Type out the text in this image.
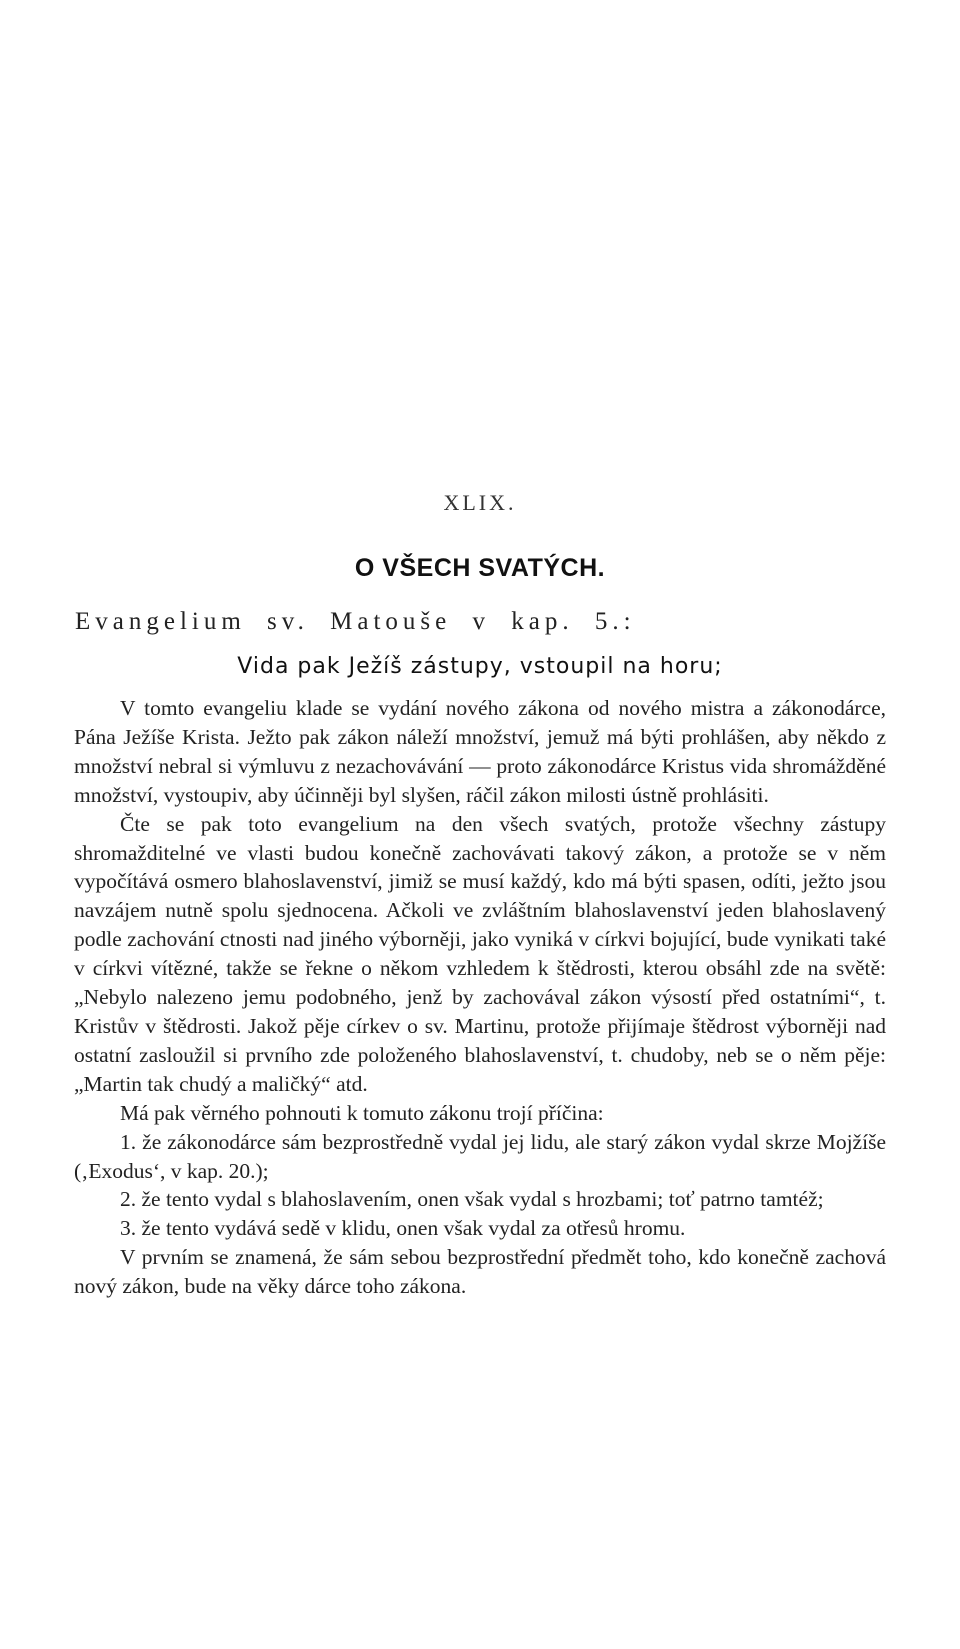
XLIX.
O VŠECH SVATÝCH.
Evangelium sv. Matouše v kap. 5.:
Vida pak Ježíš zástupy, vstoupil na horu;

V tomto evangeliu klade se vydání nového zákona od nového mistra a zákonodárce, Pána Ježíše Krista. Ježto pak zákon náleží množství, jemuž má býti prohlášen, aby někdo z množství nebral si výmluvu z nezachovávání — proto zákonodárce Kristus vida shromážděné množství, vystoupiv, aby účinněji byl slyšen, ráčil zákon milosti ústně prohlásiti.

Čte se pak toto evangelium na den všech svatých, protože všechny zástupy shromažditelné ve vlasti budou konečně zachovávati takový zákon, a protože se v něm vypočítává osmero blahoslavenství, jimiž se musí každý, kdo má býti spasen, odíti, ježto jsou navzájem nutně spolu sjednocena. Ačkoli ve zvláštním blahoslavenství jeden blahoslavený podle zachování ctnosti nad jiného výborněji, jako vyniká v církvi bojující, bude vynikati také v církvi vítězné, takže se řekne o někom vzhledem k štědrosti, kterou obsáhl zde na světě: „Nebylo nalezeno jemu podobného, jenž by zachovával zákon výsostí před ostatními“, t. Kristův v štědrosti. Jakož pěje církev o sv. Martinu, protože přijímaje štědrost výborněji nad ostatní zasloužil si prvního zde položeného blahoslavenství, t. chudoby, neb se o něm pěje: „Martin tak chudý a maličký“ atd.

Má pak věrného pohnouti k tomuto zákonu trojí příčina:

1. že zákonodárce sám bezprostředně vydal jej lidu, ale starý zákon vydal skrze Mojžíše (‚Exodus‘, v kap. 20.);

2. že tento vydal s blahoslavením, onen však vydal s hrozbami; toť patrno tamtéž;

3. že tento vydává sedě v klidu, onen však vydal za otřesů hromu.

V prvním se znamená, že sám sebou bezprostřední předmět toho, kdo konečně zachová nový zákon, bude na věky dárce toho zákona.
